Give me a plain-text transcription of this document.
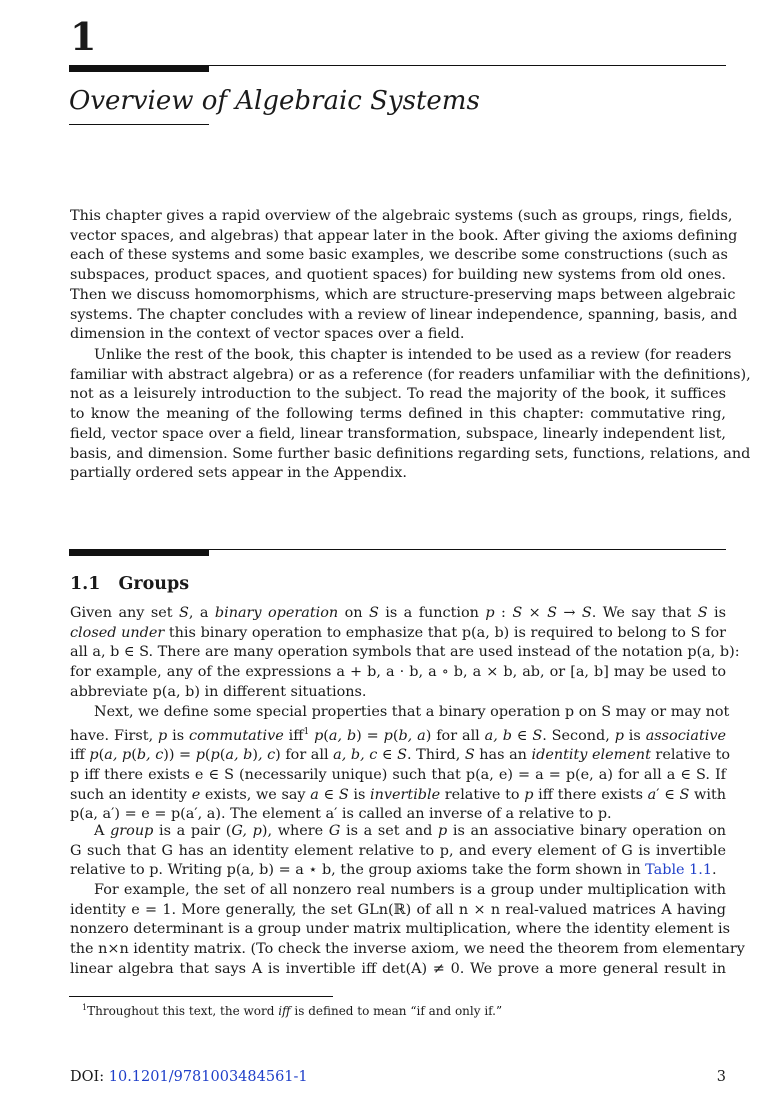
1
Overview of Algebraic Systems
This chapter gives a rapid overview of the algebraic systems (such as groups, rings, fields,
vector spaces, and algebras) that appear later in the book. After giving the axioms defining
each of these systems and some basic examples, we describe some constructions (such as
subspaces, product spaces, and quotient spaces) for building new systems from old ones.
Then we discuss homomorphisms, which are structure-preserving maps between algebraic
systems. The chapter concludes with a review of linear independence, spanning, basis, and
dimension in the context of vector spaces over a field.
Unlike the rest of the book, this chapter is intended to be used as a review (for readers
familiar with abstract algebra) or as a reference (for readers unfamiliar with the definitions),
not as a leisurely introduction to the subject. To read the majority of the book, it suffices
to know the meaning of the following terms defined in this chapter: commutative ring,
field, vector space over a field, linear transformation, subspace, linearly independent list,
basis, and dimension. Some further basic definitions regarding sets, functions, relations, and
partially ordered sets appear in the Appendix.
1.1 Groups
Given any set S, a binary operation on S is a function p : S × S → S. We say that S is
closed under this binary operation to emphasize that p(a, b) is required to belong to S for
all a, b ∈ S. There are many operation symbols that are used instead of the notation p(a, b):
for example, any of the expressions a + b, a · b, a ∘ b, a × b, ab, or [a, b] may be used to
abbreviate p(a, b) in different situations.
Next, we define some special properties that a binary operation p on S may or may not
have. First, p is commutative iff$^1$ p(a, b) = p(b, a) for all a, b ∈ S. Second, p is associative
iff p(a, p(b, c)) = p(p(a, b), c) for all a, b, c ∈ S. Third, S has an identity element relative to
p iff there exists e ∈ S (necessarily unique) such that p(a, e) = a = p(e, a) for all a ∈ S. If
such an identity e exists, we say a ∈ S is invertible relative to p iff there exists a′ ∈ S with
p(a, a′) = e = p(a′, a). The element a′ is called an inverse of a relative to p.
A group is a pair (G, p), where G is a set and p is an associative binary operation on
G such that G has an identity element relative to p, and every element of G is invertible
relative to p. Writing p(a, b) = a ⋆ b, the group axioms take the form shown in Table 1.1.
For example, the set of all nonzero real numbers is a group under multiplication with
identity e = 1. More generally, the set GLn(ℝ) of all n × n real-valued matrices A having
nonzero determinant is a group under matrix multiplication, where the identity element is
the n×n identity matrix. (To check the inverse axiom, we need the theorem from elementary
linear algebra that says A is invertible iff det(A) ≠ 0. We prove a more general result in
$^1$Throughout this text, the word iff is defined to mean “if and only if.”
DOI: 10.1201/9781003484561-1	3
